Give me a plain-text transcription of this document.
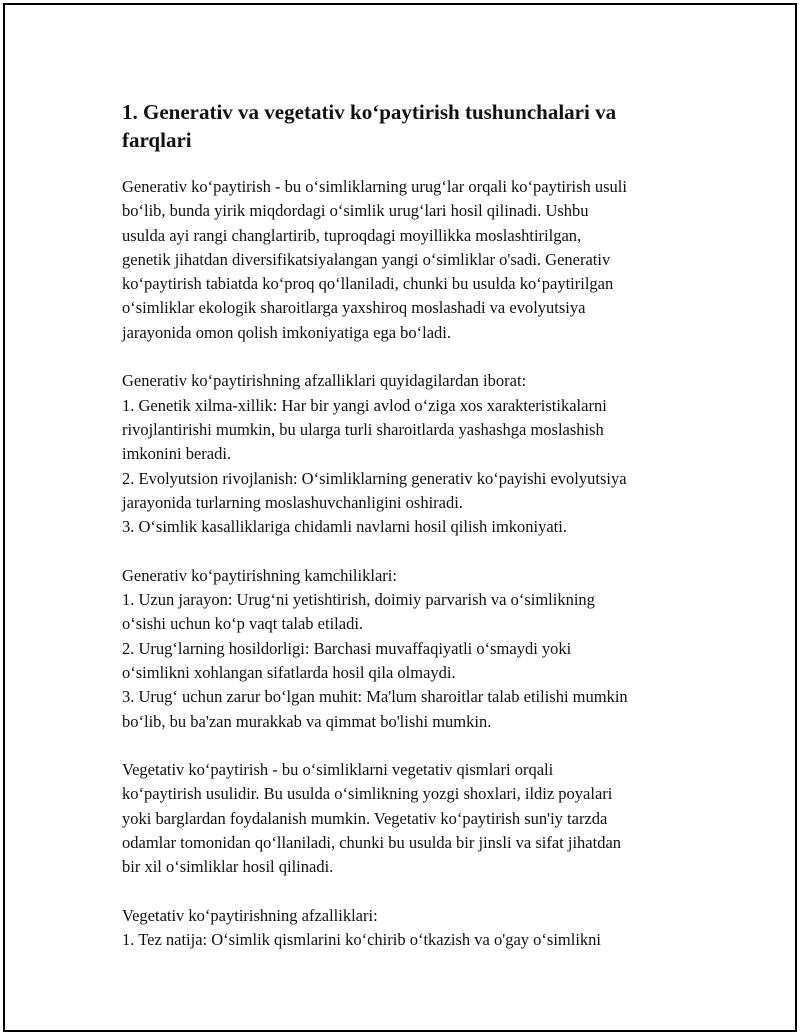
1. Generativ va vegetativ ko‘paytirish tushunchalari va
farqlari
Generativ ko‘paytirish - bu o‘simliklarning urug‘lar orqali ko‘paytirish usuli
bo‘lib, bunda yirik miqdordagi o‘simlik urug‘lari hosil qilinadi. Ushbu
usulda ayi rangi changlartirib, tuproqdagi moyillikka moslashtirilgan,
genetik jihatdan diversifikatsiyalangan yangi o‘simliklar o'sadi. Generativ
ko‘paytirish tabiatda ko‘proq qo‘llaniladi, chunki bu usulda ko‘paytirilgan
o‘simliklar ekologik sharoitlarga yaxshiroq moslashadi va evolyutsiya
jarayonida omon qolish imkoniyatiga ega bo‘ladi.
Generativ ko‘paytirishning afzalliklari quyidagilardan iborat:
1. Genetik xilma-xillik: Har bir yangi avlod o‘ziga xos xarakteristikalarni
rivojlantirishi mumkin, bu ularga turli sharoitlarda yashashga moslashish
imkonini beradi.
2. Evolyutsion rivojlanish: O‘simliklarning generativ ko‘payishi evolyutsiya
jarayonida turlarning moslashuvchanligini oshiradi.
3. O‘simlik kasalliklariga chidamli navlarni hosil qilish imkoniyati.
Generativ ko‘paytirishning kamchiliklari:
1. Uzun jarayon: Urug‘ni yetishtirish, doimiy parvarish va o‘simlikning
o‘sishi uchun ko‘p vaqt talab etiladi.
2. Urug‘larning hosildorligi: Barchasi muvaffaqiyatli o‘smaydi yoki
o‘simlikni xohlangan sifatlarda hosil qila olmaydi.
3. Urug‘ uchun zarur bo‘lgan muhit: Ma'lum sharoitlar talab etilishi mumkin
bo‘lib, bu ba'zan murakkab va qimmat bo'lishi mumkin.
Vegetativ ko‘paytirish - bu o‘simliklarni vegetativ qismlari orqali
ko‘paytirish usulidir. Bu usulda o‘simlikning yozgi shoxlari, ildiz poyalari
yoki barglardan foydalanish mumkin. Vegetativ ko‘paytirish sun'iy tarzda
odamlar tomonidan qo‘llaniladi, chunki bu usulda bir jinsli va sifat jihatdan
bir xil o‘simliklar hosil qilinadi.
Vegetativ ko‘paytirishning afzalliklari:
1. Tez natija: O‘simlik qismlarini ko‘chirib o‘tkazish va o'gay o‘simlikni
